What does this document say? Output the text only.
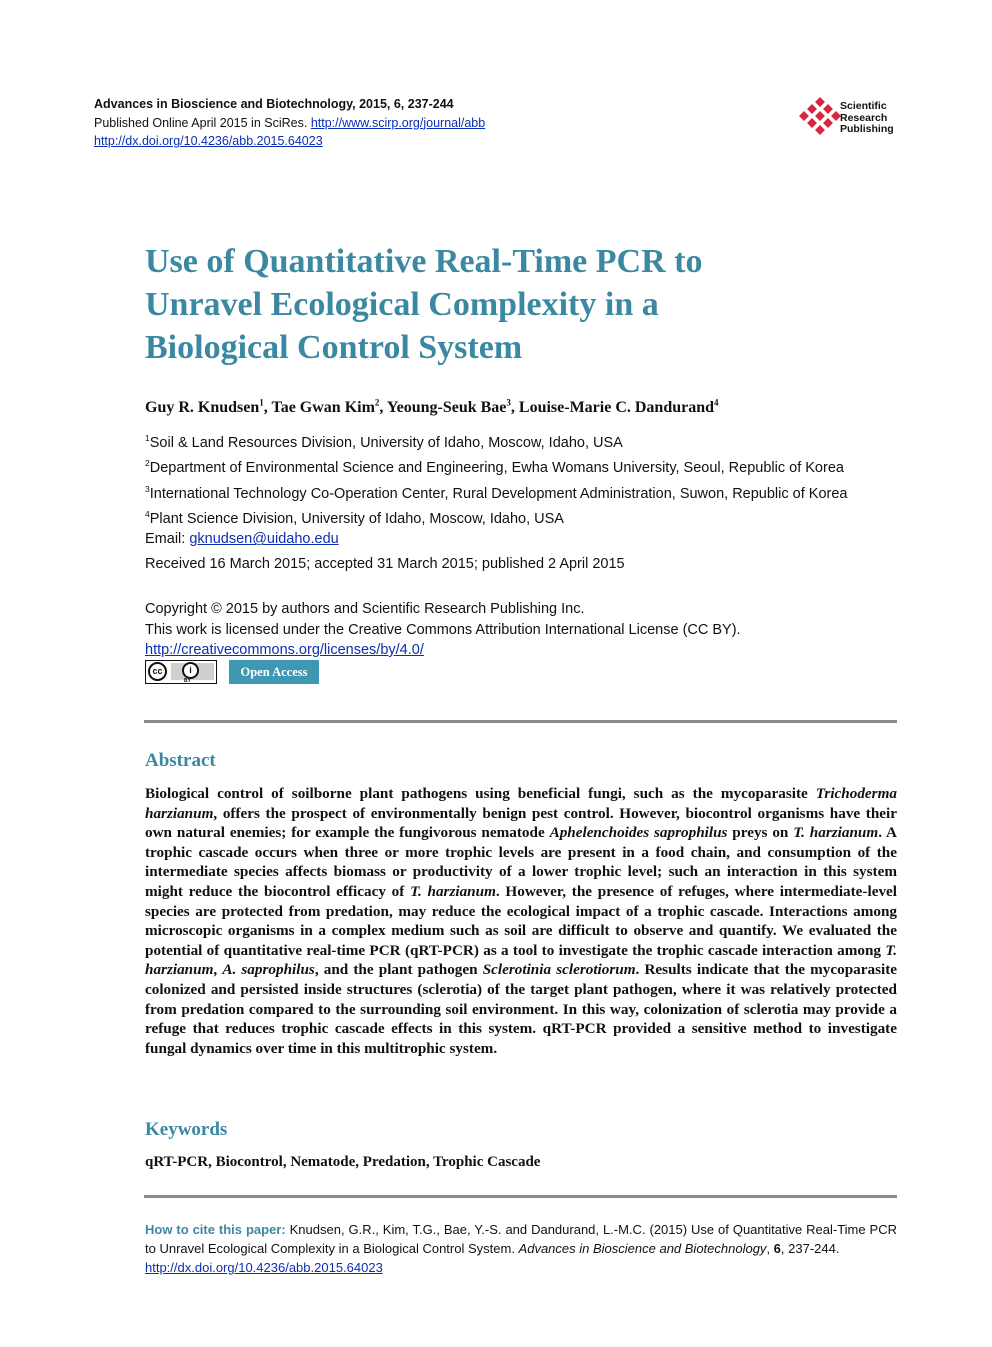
Advances in Bioscience and Biotechnology, 2015, 6, 237-244
Published Online April 2015 in SciRes. http://www.scirp.org/journal/abb
http://dx.doi.org/10.4236/abb.2015.64023
Scientific
Research
Publishing
Use of Quantitative Real-Time PCR to
Unravel Ecological Complexity in a
Biological Control System
Guy R. Knudsen$^1$, Tae Gwan Kim$^2$, Yeoung-Seuk Bae$^3$, Louise-Marie C. Dandurand$^4$
$^1$Soil & Land Resources Division, University of Idaho, Moscow, Idaho, USA
$^2$Department of Environmental Science and Engineering, Ewha Womans University, Seoul, Republic of Korea
$^3$International Technology Co-Operation Center, Rural Development Administration, Suwon, Republic of Korea
$^4$Plant Science Division, University of Idaho, Moscow, Idaho, USA
Email: gknudsen@uidaho.edu
Received 16 March 2015; accepted 31 March 2015; published 2 April 2015
Copyright © 2015 by authors and Scientific Research Publishing Inc.
This work is licensed under the Creative Commons Attribution International License (CC BY).
http://creativecommons.org/licenses/by/4.0/
cc	i
BY
Open Access
Abstract

Biological control of soilborne plant pathogens using beneficial fungi, such as the mycoparasite Trichoderma harzianum, offers the prospect of environmentally benign pest control. However, biocontrol organisms have their own natural enemies; for example the fungivorous nematode Aphelenchoides saprophilus preys on T. harzianum. A trophic cascade occurs when three or more trophic levels are present in a food chain, and consumption of the intermediate species affects biomass or productivity of a lower trophic level; such an interaction in this system might reduce the biocontrol efficacy of T. harzianum. However, the presence of refuges, where intermediate-level species are protected from predation, may reduce the ecological impact of a trophic cascade. Interactions among microscopic organisms in a complex medium such as soil are difficult to observe and quantify. We evaluated the potential of quantitative real-time PCR (qRT-PCR) as a tool to investigate the trophic cascade interaction among T. harzianum, A. saprophilus, and the plant pathogen Sclerotinia sclerotiorum. Results indicate that the mycoparasite colonized and persisted inside structures (sclerotia) of the target plant pathogen, where it was relatively protected from predation compared to the surrounding soil environment. In this way, colonization of sclerotia may provide a refuge that reduces trophic cascade effects in this system. qRT-PCR provided a sensitive method to investigate fungal dynamics over time in this multitrophic system.

Keywords
qRT-PCR, Biocontrol, Nematode, Predation, Trophic Cascade
How to cite this paper: Knudsen, G.R., Kim, T.G., Bae, Y.-S. and Dandurand, L.-M.C. (2015) Use of Quantitative Real-Time PCR to Unravel Ecological Complexity in a Biological Control System. Advances in Bioscience and Biotechnology, 6, 237-244.
http://dx.doi.org/10.4236/abb.2015.64023
